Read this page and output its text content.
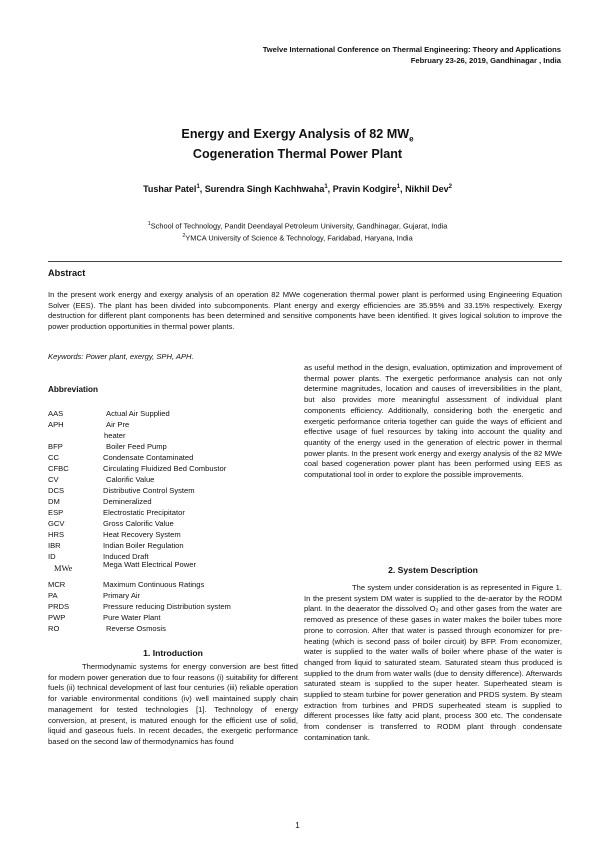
Twelve International Conference on Thermal Engineering: Theory and Applications
February 23-26, 2019, Gandhinagar , India
Energy and Exergy Analysis of 82 $MW_e$
Cogeneration Thermal Power Plant
Tushar Patel$^1$, Surendra Singh Kachhwaha$^1$, Pravin Kodgire$^1$, Nikhil Dev$^2$
$^1$School of Technology, Pandit Deendayal Petroleum University, Gandhinagar, Gujarat, India
$^2$YMCA University of Science & Technology, Faridabad, Haryana, India
Abstract
In the present work energy and exergy analysis of an operation 82 MWe cogeneration thermal power plant is performed using Engineering Equation Solver (EES). The plant has been divided into subcomponents. Plant energy and exergy efficiencies are 35.95% and 33.15% respectively. Exergy destruction for different plant components has been determined and sensitive components have been identified. It gives logical solution to improve the power production opportunities in thermal power plants.
Keywords: Power plant, exergy, SPH, APH.
Abbreviation
AAS	Actual Air Supplied
APH	Air Pre
heater
BFP	Boiler Feed Pump
CC	Condensate Contaminated
CFBC	Circulating Fluidized Bed Combustor
CV	Calorific Value
DCS	Distributive Control System
DM	Demineralized
ESP	Electrostatic Precipitator
GCV	Gross Calorific Value
HRS	Heat Recovery System
IBR	Indian Boiler Regulation
ID	Induced Draft
MWe	Mega Watt Electrical Power
MCR	Maximum Continuous Ratings
PA	Primary Air
PRDS	Pressure reducing Distribution system
PWP	Pure Water Plant
RO	Reverse Osmosis
1. Introduction
Thermodynamic systems for energy conversion are best fitted for modern power generation due to four reasons (i) suitability for different fuels (ii) technical development of last four centuries (iii) reliable operation for variable environmental conditions (iv) well maintained supply chain management for tested technologies [1]. Technology of energy conversion, at present, is matured enough for the efficient use of solid, liquid and gaseous fuels. In recent decades, the exergetic performance based on the second law of thermodynamics has found
as useful method in the design, evaluation, optimization and improvement of thermal power plants. The exergetic performance analysis can not only determine magnitudes, location and causes of irreversibilities in the plant, but also provides more meaningful assessment of individual plant components efficiency. Additionally, considering both the energetic and exergetic performance criteria together can guide the ways of efficient and effective usage of fuel resources by taking into account the quality and quantity of the energy used in the generation of electric power in thermal power plants. In the present work energy and exergy analysis of the 82 MWe coal based cogeneration power plant has been performed using EES as computational tool in order to explore the possible improvements.
2. System Description
The system under consideration is as represented in Figure 1. In the present system DM water is supplied to the de-aerator by the RODM plant. In the deaerator the dissolved O₂ and other gases from the water are removed as presence of these gases in water makes the boiler tubes more prone to corrosion. After that water is passed through economizer for pre-heating (which is second pass of boiler circuit) by BFP. From economizer, water is supplied to the water walls of boiler where phase of the water is changed from liquid to saturated steam. Saturated steam thus produced is supplied to the drum from water walls (due to density difference). Afterwards saturated steam is supplied to the super heater. Superheated steam is supplied to steam turbine for power generation and PRDS system. By steam extraction from turbines and PRDS superheated steam is supplied to different processes like fatty acid plant, process 300 etc. The condensate from condenser is transferred to RODM plant through condensate contamination tank.
1
